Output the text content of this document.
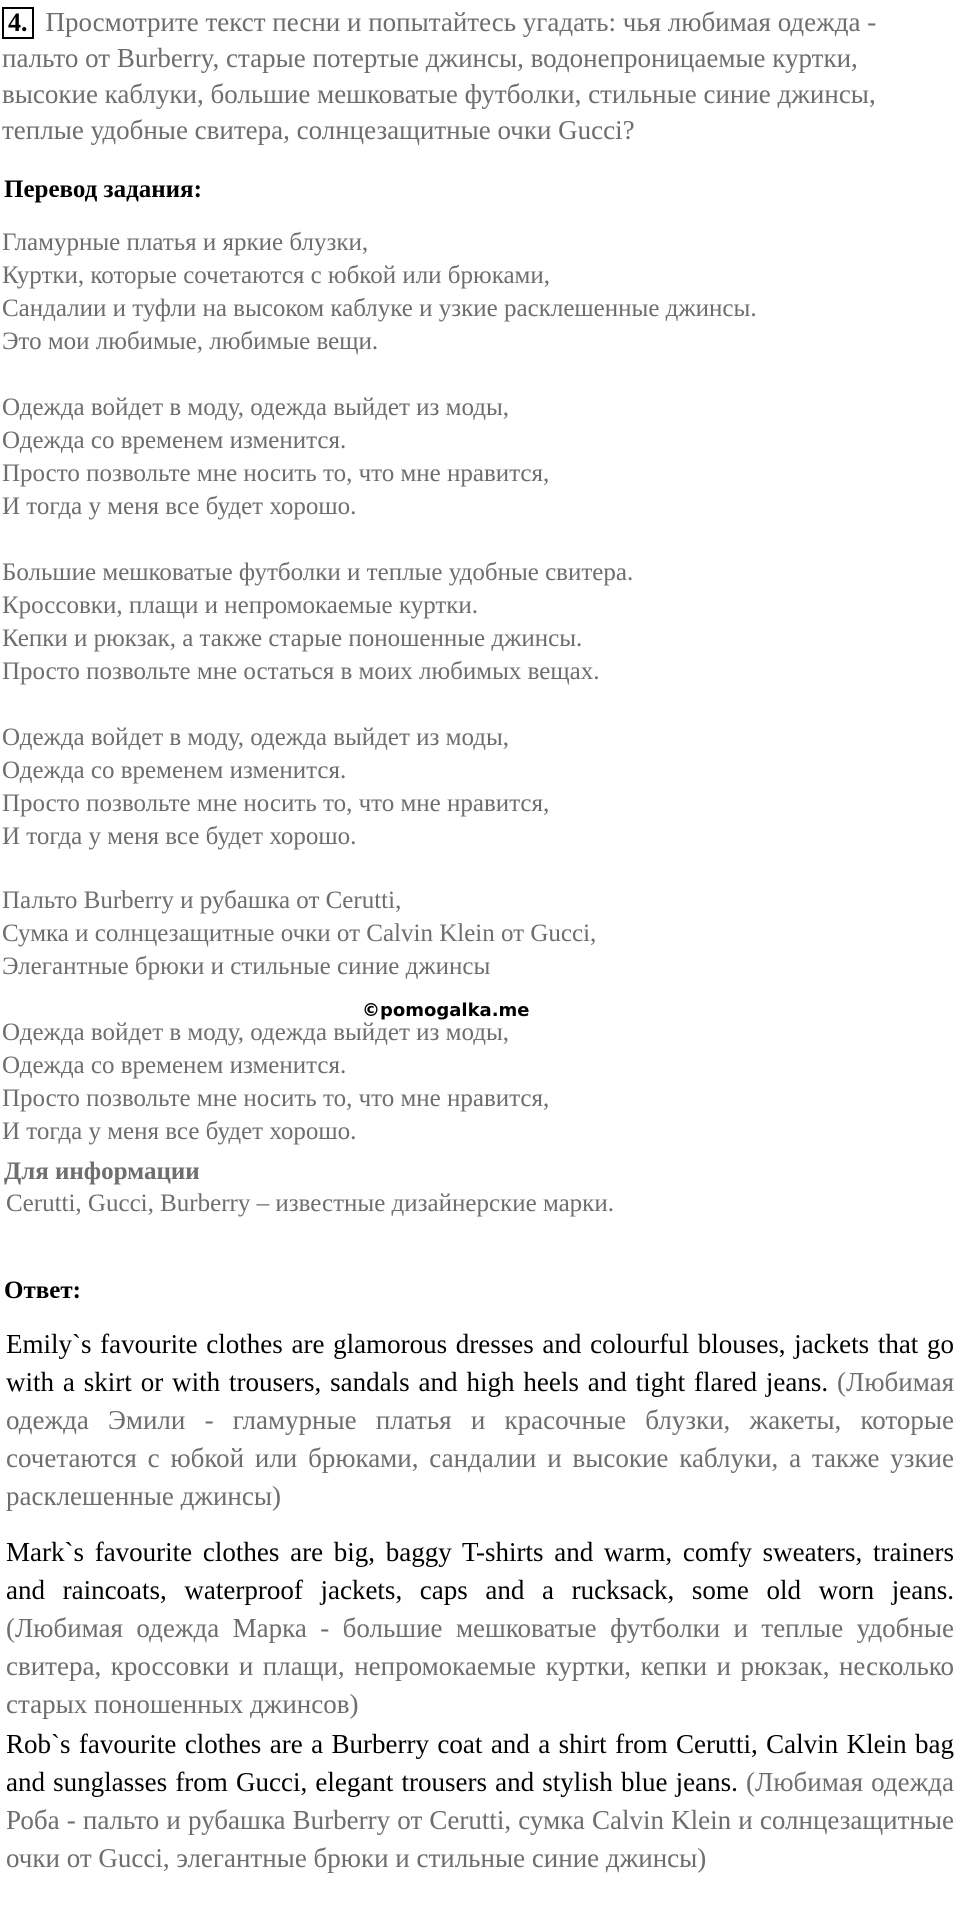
4. Просмотрите текст песни и попытайтесь угадать: чья любимая одежда - пальто от Burberry, старые потертые джинсы, водонепроницаемые куртки, высокие каблуки, большие мешковатые футболки, стильные синие джинсы, теплые удобные свитера, солнцезащитные очки Gucci?
Перевод задания:
Гламурные платья и яркие блузки,
Куртки, которые сочетаются с юбкой или брюками,
Сандалии и туфли на высоком каблуке и узкие расклешенные джинсы.
Это мои любимые, любимые вещи.
Одежда войдет в моду, одежда выйдет из моды,
Одежда со временем изменится.
Просто позвольте мне носить то, что мне нравится,
И тогда у меня все будет хорошо.
Большие мешковатые футболки и теплые удобные свитера.
Кроссовки, плащи и непромокаемые куртки.
Кепки и рюкзак, а также старые поношенные джинсы.
Просто позвольте мне остаться в моих любимых вещах.
Одежда войдет в моду, одежда выйдет из моды,
Одежда со временем изменится.
Просто позвольте мне носить то, что мне нравится,
И тогда у меня все будет хорошо.
Пальто Burberry и рубашка от Cerutti,
Сумка и солнцезащитные очки от Calvin Klein от Gucci,
Элегантные брюки и стильные синие джинсы
©pomogalka.me
Одежда войдет в моду, одежда выйдет из моды,
Одежда со временем изменится.
Просто позвольте мне носить то, что мне нравится,
И тогда у меня все будет хорошо.
Для информации
Cerutti, Gucci, Burberry – известные дизайнерские марки.
Ответ:
Emily`s favourite clothes are glamorous dresses and colourful blouses, jackets that go with a skirt or with trousers, sandals and high heels and tight flared jeans. (Любимая одежда Эмили - гламурные платья и красочные блузки, жакеты, которые сочетаются с юбкой или брюками, сандалии и высокие каблуки, а также узкие расклешенные джинсы)
Mark`s favourite clothes are big, baggy T-shirts and warm, comfy sweaters, trainers and raincoats, waterproof jackets, caps and a rucksack, some old worn jeans. (Любимая одежда Марка - большие мешковатые футболки и теплые удобные свитера, кроссовки и плащи, непромокаемые куртки, кепки и рюкзак, несколько старых поношенных джинсов)
Rob`s favourite clothes are a Burberry coat and a shirt from Cerutti, Calvin Klein bag and sunglasses from Gucci, elegant trousers and stylish blue jeans. (Любимая одежда Роба - пальто и рубашка Burberry от Cerutti, сумка Calvin Klein и солнцезащитные очки от Gucci, элегантные брюки и стильные синие джинсы)
